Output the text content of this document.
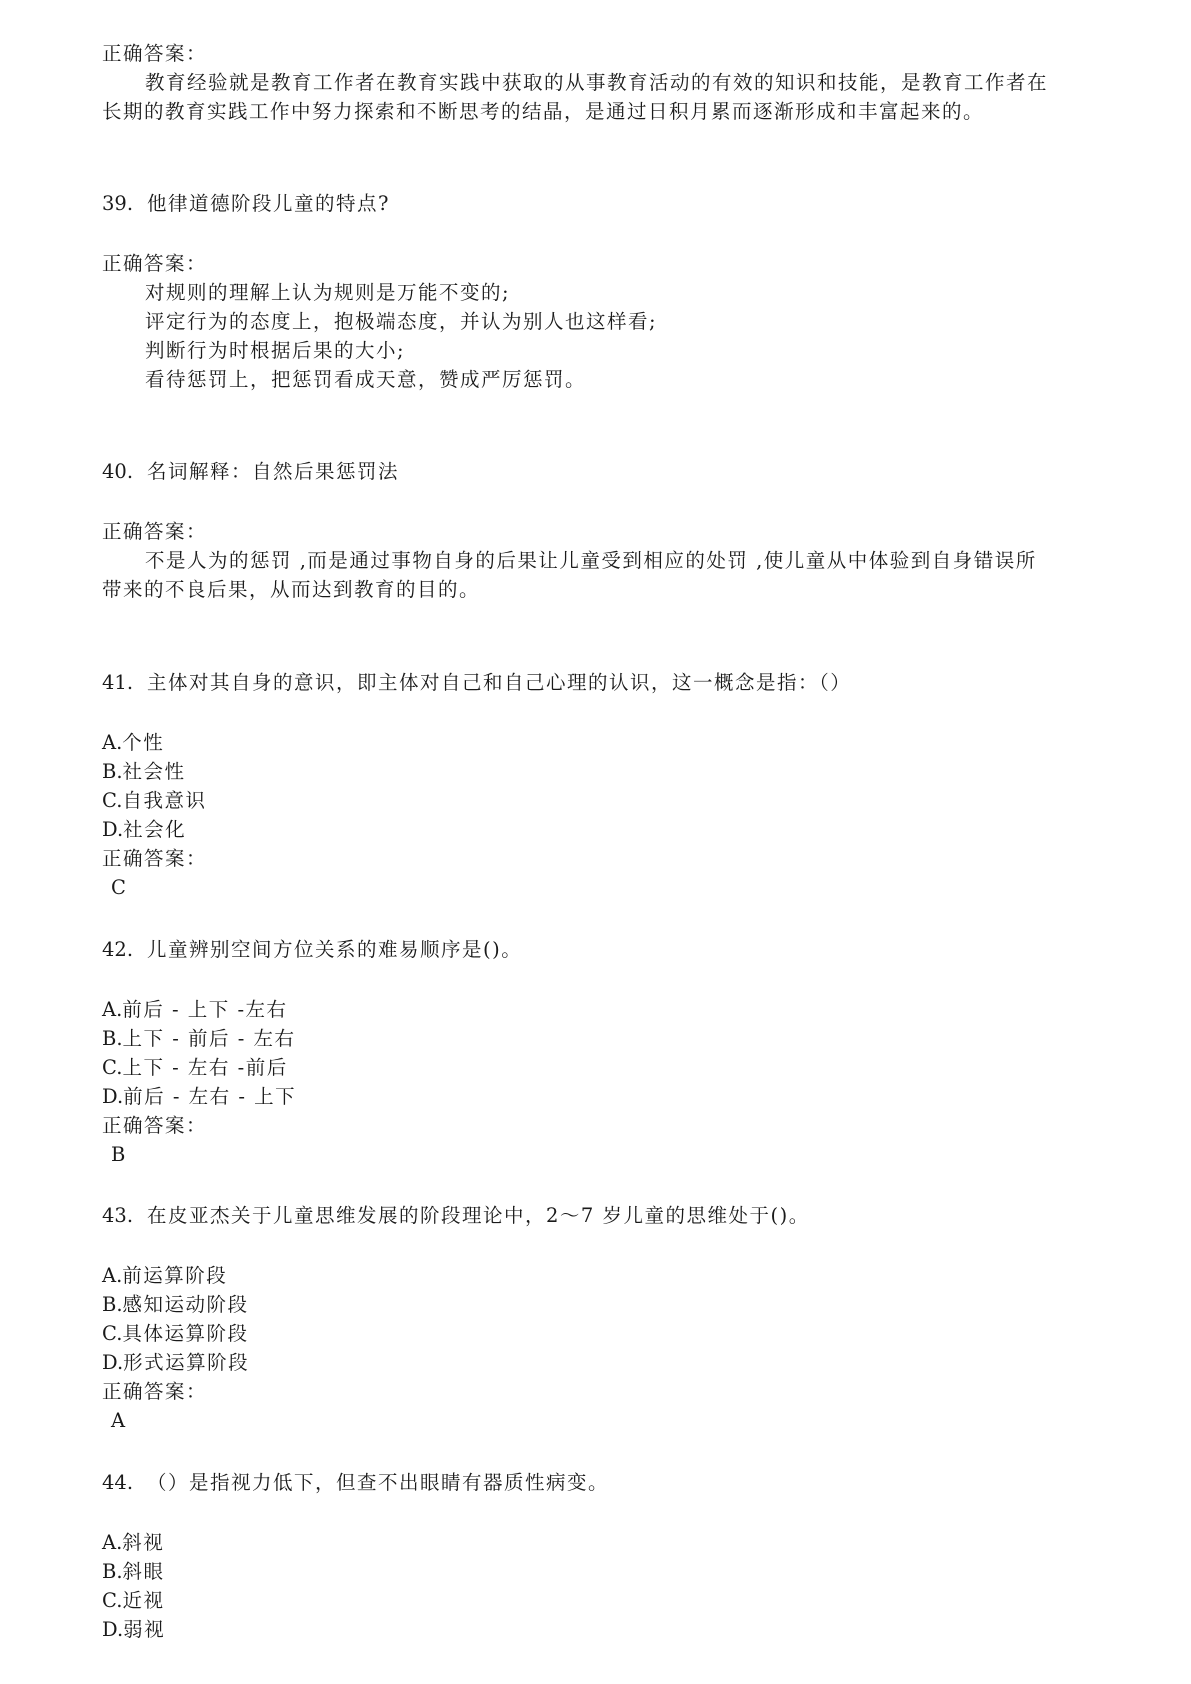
正确答案：
教育经验就是教育工作者在教育实践中获取的从事教育活动的有效的知识和技能，是教育工作者在
长期的教育实践工作中努力探索和不断思考的结晶，是通过日积月累而逐渐形成和丰富起来的。
39. 他律道德阶段儿童的特点?
正确答案：
对规则的理解上认为规则是万能不变的;
评定行为的态度上，抱极端态度，并认为别人也这样看;
判断行为时根据后果的大小;
看待惩罚上，把惩罚看成天意，赞成严厉惩罚。
40. 名词解释：自然后果惩罚法
正确答案：
不是人为的惩罚 ,而是通过事物自身的后果让儿童受到相应的处罚 ,使儿童从中体验到自身错误所
带来的不良后果，从而达到教育的目的。
41. 主体对其自身的意识，即主体对自己和自己心理的认识，这一概念是指：（）
A.个性
B.社会性
C.自我意识
D.社会化
正确答案：
C
42. 儿童辨别空间方位关系的难易顺序是()。
A.前后 - 上下 -左右
B.上下 - 前后 - 左右
C.上下 - 左右 -前后
D.前后 - 左右 - 上下
正确答案：
B
43. 在皮亚杰关于儿童思维发展的阶段理论中，2～7 岁儿童的思维处于()。
A.前运算阶段
B.感知运动阶段
C.具体运算阶段
D.形式运算阶段
正确答案：
A
44. （）是指视力低下，但查不出眼睛有器质性病变。
A.斜视
B.斜眼
C.近视
D.弱视
